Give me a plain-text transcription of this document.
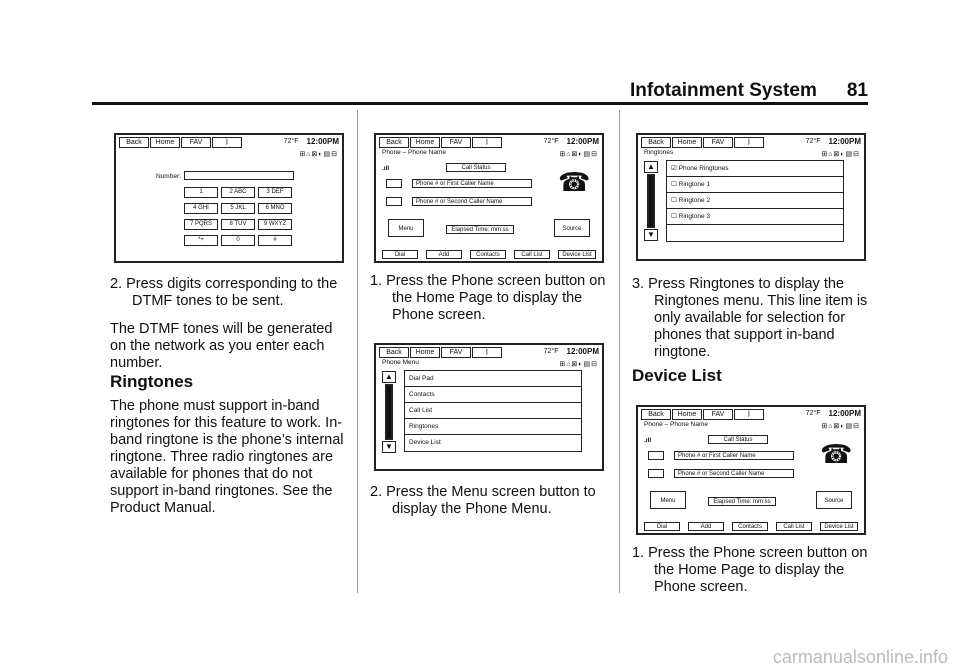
Infotainment System 81
Back	Home	FAV	ᛒ	72°F 12:00PM
⊞⌂⊠◐▤⊟
Number:
1	2 ABC	3 DEF
4 GHI	5 JKL	6 MNO
7 PQRS	8 TUV	9 WXYZ
*+	0	#

2. Press digits corresponding to the DTMF tones to be sent.

The DTMF tones will be generated on the network as you enter each number.

Ringtones

The phone must support in-band ringtones for this feature to work. In-band ringtone is the phone’s internal ringtone. Three radio ringtones are available for phones that do not support in-band ringtones. See the Product Manual.

Back	Home	FAV	ᛒ	72°F 12:00PM
Phone – Phone Name	⊞⌂⊠◐▤⊟
.ıll	Call Status
Phone # or First Caller Name
Phone # or Second Caller Name
Menu	Elapsed Time: mm:ss	Source
☎
Dial	Add	Contacts	Call List	Device List

1. Press the Phone screen button on the Home Page to display the Phone screen.

Back	Home	FAV	ᛒ	72°F 12:00PM
Phone Menu	⊞⌂⊠◐▤⊟
▲
▼
Dial Pad
Contacts
Call List
Ringtones
Device List

2. Press the Menu screen button to display the Phone Menu.

Back	Home	FAV	ᛒ	72°F 12:00PM
Ringtones	⊞⌂⊠◐▤⊟
▲
▼
☑ Phone Ringtones
☐ Ringtone 1
☐ Ringtone 2
☐ Ringtone 3

3. Press Ringtones to display the Ringtones menu. This line item is only available for selection for phones that support in-band ringtone.

Device List
Back	Home	FAV	ᛒ	72°F 12:00PM
Phone – Phone Name	⊞⌂⊠◐▤⊟
.ıll	Call Status
Phone # or First Caller Name
Phone # or Second Caller Name
Menu	Elapsed Time: mm:ss	Source
☎
Dial	Add	Contacts	Call List	Device List

1. Press the Phone screen button on the Home Page to display the Phone screen.

carmanualsonline.info
